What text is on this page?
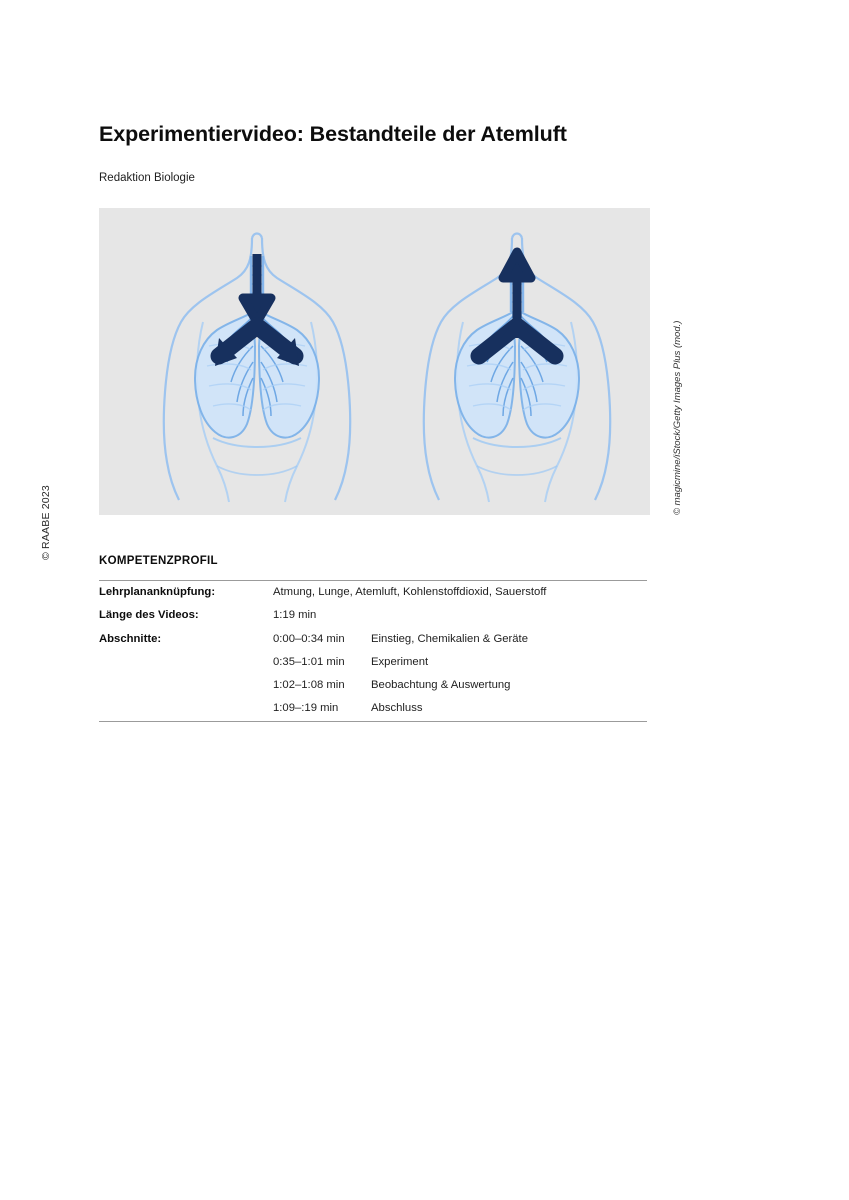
© RAABE 2023
Experimentiervideo: Bestandteile der Atemluft
Redaktion Biologie
© magicmine/iStock/Getty Images Plus (mod.)
KOMPETENZPROFIL
Lehrplananknüpfung:	Atmung, Lunge, Atemluft, Kohlenstoffdioxid, Sauerstoff	
Länge des Videos:	1:19 min	
Abschnitte:	0:00–0:34 min	Einstieg, Chemikalien & Geräte
	0:35–1:01 min	Experiment
	1:02–1:08 min	Beobachtung & Auswertung
	1:09–:19 min	Abschluss
